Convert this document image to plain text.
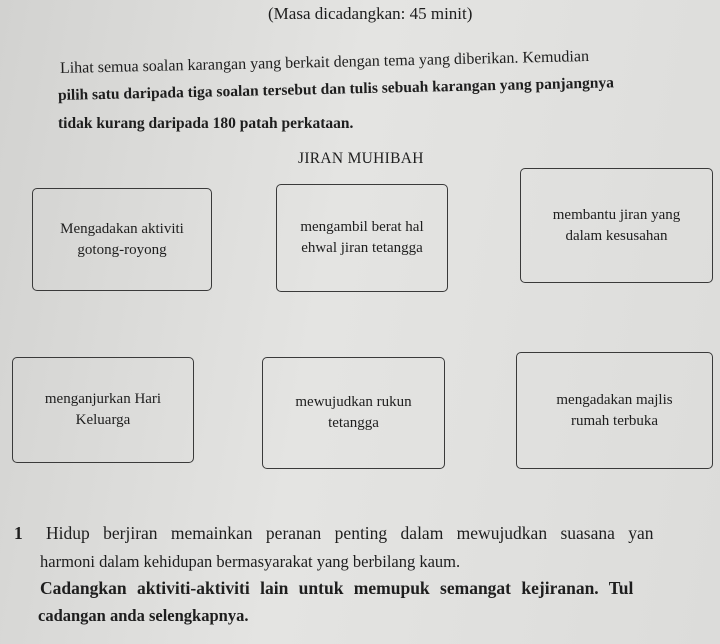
(Masa dicadangkan: 45 minit)
Lihat semua soalan karangan yang berkait dengan tema yang diberikan. Kemudian
pilih satu daripada tiga soalan tersebut dan tulis sebuah karangan yang panjangnya
tidak kurang daripada 180 patah perkataan.
JIRAN MUHIBAH
Mengadakan aktiviti
gotong-royong
mengambil berat hal
ehwal jiran tetangga
membantu jiran yang
dalam kesusahan
menganjurkan Hari
Keluarga
mewujudkan rukun
tetangga
mengadakan majlis
rumah terbuka
1 Hidup berjiran memainkan peranan penting dalam mewujudkan suasana yan
harmoni dalam kehidupan bermasyarakat yang berbilang kaum.
Cadangkan aktiviti-aktiviti lain untuk memupuk semangat kejiranan. Tul
cadangan anda selengkapnya.
